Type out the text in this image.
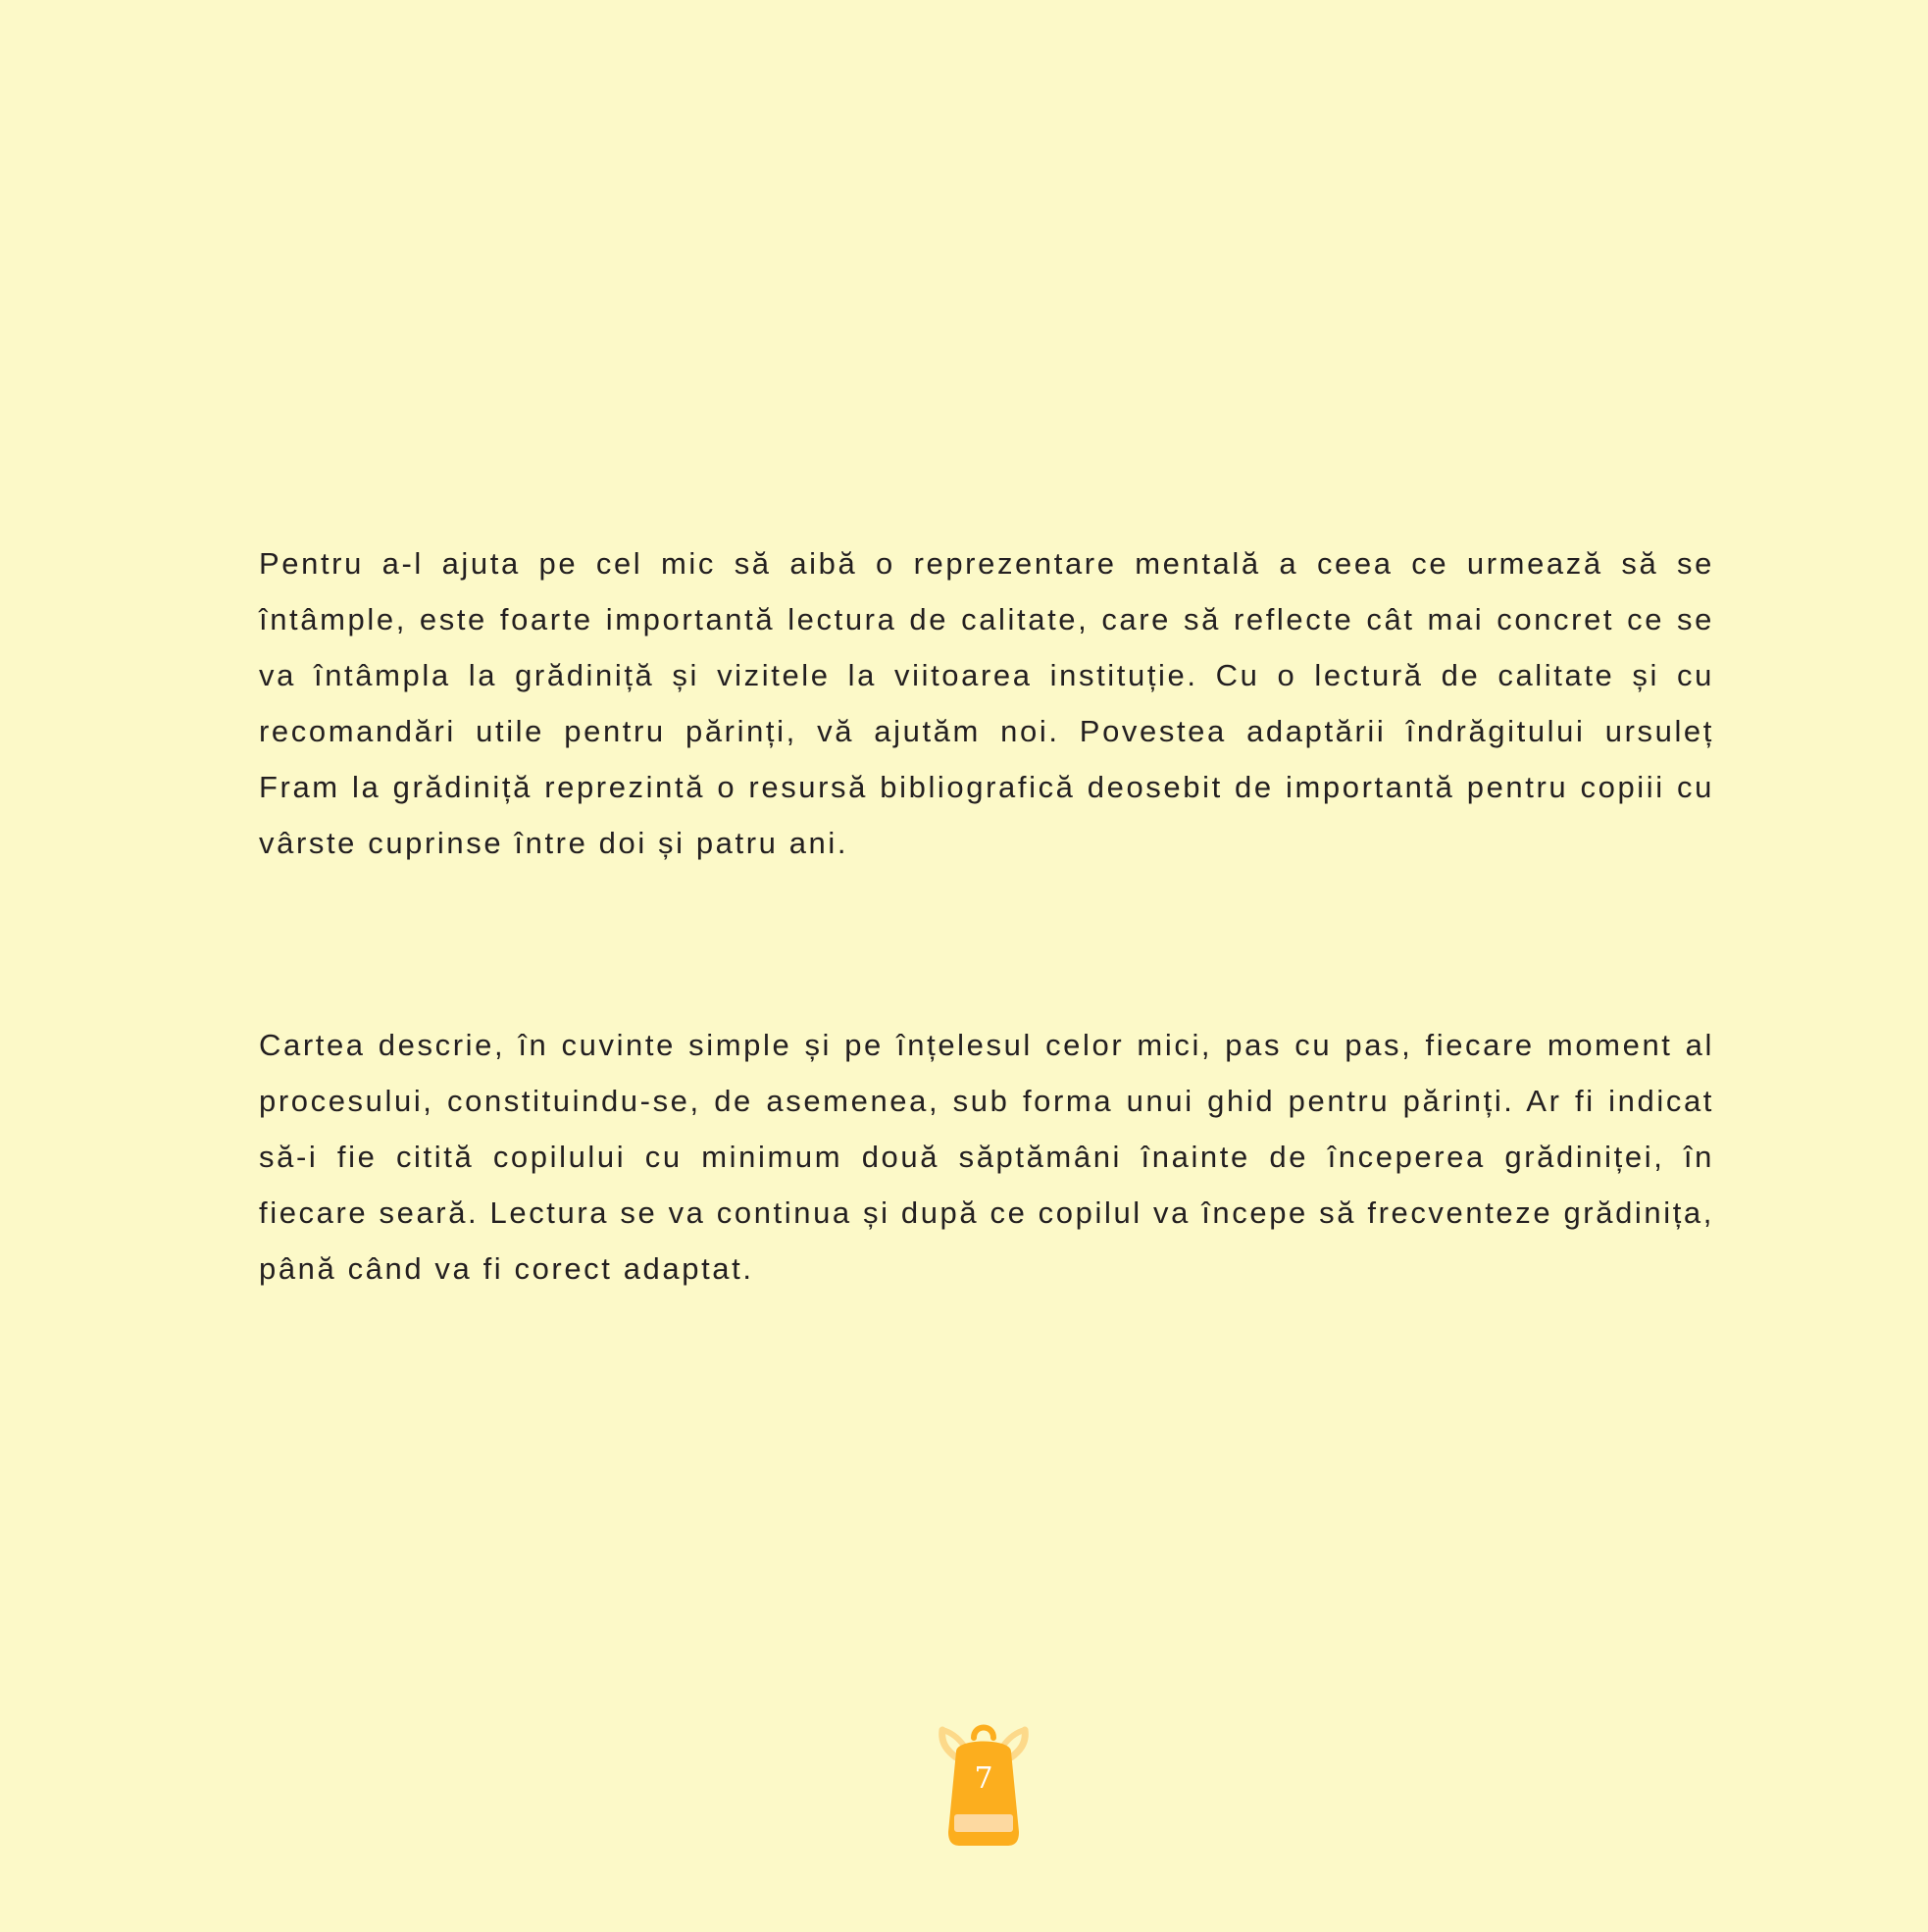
Pentru a-l ajuta pe cel mic să aibă o reprezentare mentală a ceea ce urmează să se întâmple, este foarte importantă lectura de calitate, care să reflecte cât mai concret ce se va întâmpla la grădiniță și vizitele la viitoarea instituție. Cu o lectură de calitate și cu recomandări utile pentru părinți, vă ajutăm noi. Povestea adaptării îndrăgitului ursuleț Fram la grădiniță reprezintă o resursă bibliografică deosebit de importantă pentru copiii cu vârste cuprinse între doi și patru ani.

Cartea descrie, în cuvinte simple și pe înțelesul celor mici, pas cu pas, fiecare moment al procesului, constituindu-se, de asemenea, sub forma unui ghid pentru părinți. Ar fi indicat să-i fie citită copilului cu minimum două săptămâni înainte de începerea grădiniței, în fiecare seară. Lectura se va continua și după ce copilul va începe să frecventeze grădinița, până când va fi corect adaptat.

7
